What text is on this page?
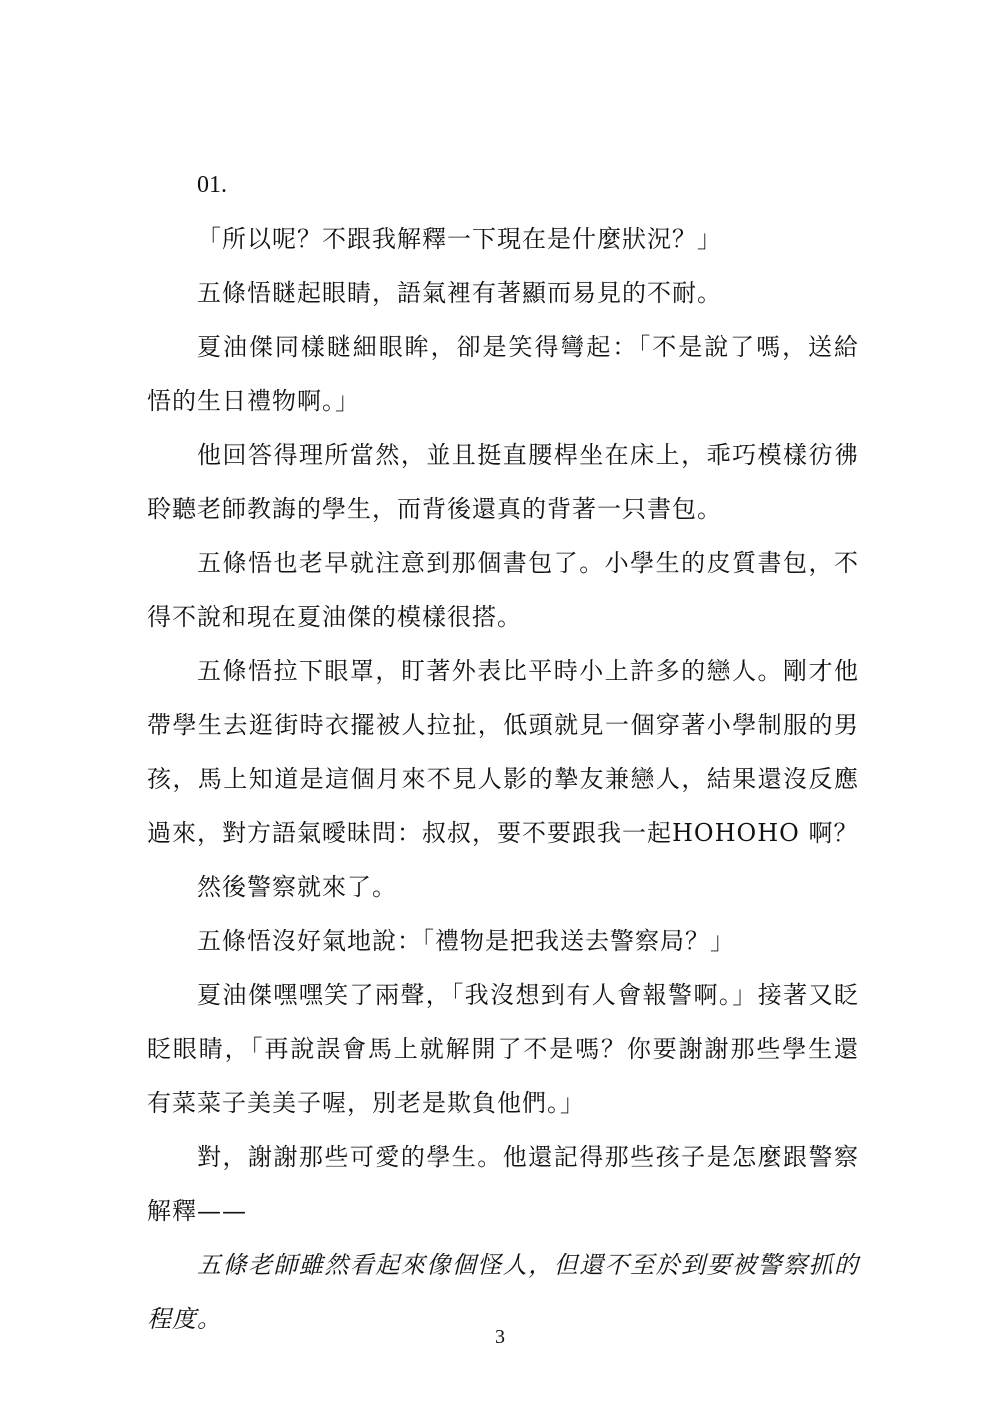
01.

「所以呢？不跟我解釋一下現在是什麼狀況？」

五條悟瞇起眼睛，語氣裡有著顯而易見的不耐。

夏油傑同樣瞇細眼眸，卻是笑得彎起：「不是說了嗎，送給悟的生日禮物啊。」

他回答得理所當然，並且挺直腰桿坐在床上，乖巧模樣彷彿聆聽老師教誨的學生，而背後還真的背著一只書包。

五條悟也老早就注意到那個書包了。小學生的皮質書包，不得不說和現在夏油傑的模樣很搭。

五條悟拉下眼罩，盯著外表比平時小上許多的戀人。剛才他帶學生去逛街時衣擺被人拉扯，低頭就見一個穿著小學制服的男孩，馬上知道是這個月來不見人影的摯友兼戀人，結果還沒反應過來，對方語氣曖昧問：叔叔，要不要跟我一起HOHOHO 啊？

然後警察就來了。

五條悟沒好氣地說：「禮物是把我送去警察局？」

夏油傑嘿嘿笑了兩聲，「我沒想到有人會報警啊。」接著又眨眨眼睛，「再說誤會馬上就解開了不是嗎？你要謝謝那些學生還有菜菜子美美子喔，別老是欺負他們。」

對，謝謝那些可愛的學生。他還記得那些孩子是怎麼跟警察解釋——

五條老師雖然看起來像個怪人，但還不至於到要被警察抓的程度。

3
